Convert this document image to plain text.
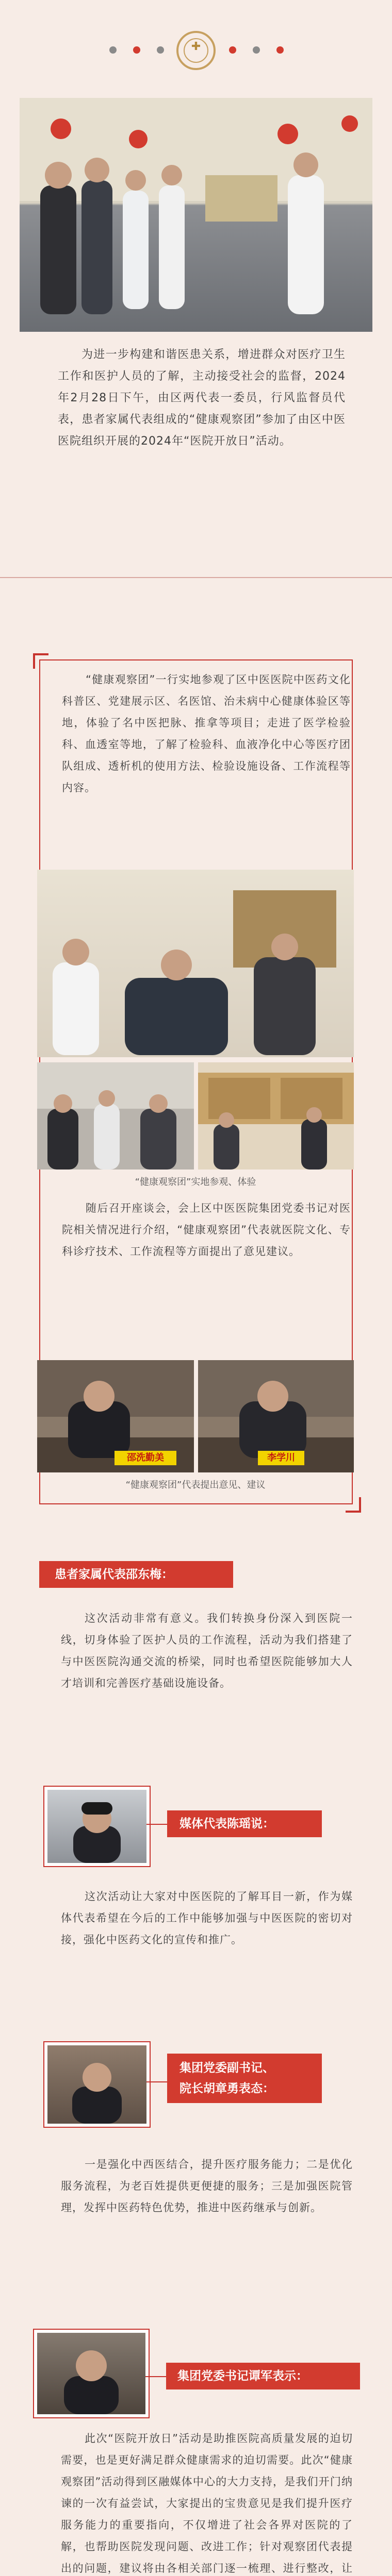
✚

为进一步构建和谐医患关系，增进群众对医疗卫生工作和医护人员的了解，主动接受社会的监督，2024年2月28日下午，由区两代表一委员，行风监督员代表，患者家属代表组成的“健康观察团”参加了由区中医医院组织开展的2024年“医院开放日”活动。

“健康观察团”一行实地参观了区中医医院中医药文化科普区、党建展示区、名医馆、治未病中心健康体验区等地，体验了名中医把脉、推拿等项目；走进了医学检验科、血透室等地，了解了检验科、血液净化中心等医疗团队组成、透析机的使用方法、检验设施设备、工作流程等内容。

“健康观察团”实地参观、体验

随后召开座谈会，会上区中医医院集团党委书记对医院相关情况进行介绍，“健康观察团”代表就医院文化、专科诊疗技术、工作流程等方面提出了意见建议。

邵洗勤美	李学川
“健康观察团”代表提出意见、建议
患者家属代表邵东梅：

这次活动非常有意义。我们转换身份深入到医院一线，切身体验了医护人员的工作流程，活动为我们搭建了与中医医院沟通交流的桥梁，同时也希望医院能够加大人才培训和完善医疗基础设施设备。

媒体代表陈瑶说：

这次活动让大家对中医医院的了解耳目一新，作为媒体代表希望在今后的工作中能够加强与中医医院的密切对接，强化中医药文化的宣传和推广。

集团党委副书记、
院长胡章勇表态：

一是强化中西医结合，提升医疗服务能力；二是优化服务流程，为老百姓提供更便捷的服务；三是加强医院管理，发挥中医药特色优势，推进中医药继承与创新。

集团党委书记谭军表示：

此次“医院开放日”活动是助推医院高质量发展的迫切需要，也是更好满足群众健康需求的迫切需要。此次“健康观察团”活动得到区融媒体中心的大力支持，是我们开门纳谏的一次有益尝试，大家提出的宝贵意见是我们提升医疗服务能力的重要指向，不仅增进了社会各界对医院的了解，也帮助医院发现问题、改进工作；针对观察团代表提出的问题，建议将由各相关部门逐一梳理、进行整改，让
